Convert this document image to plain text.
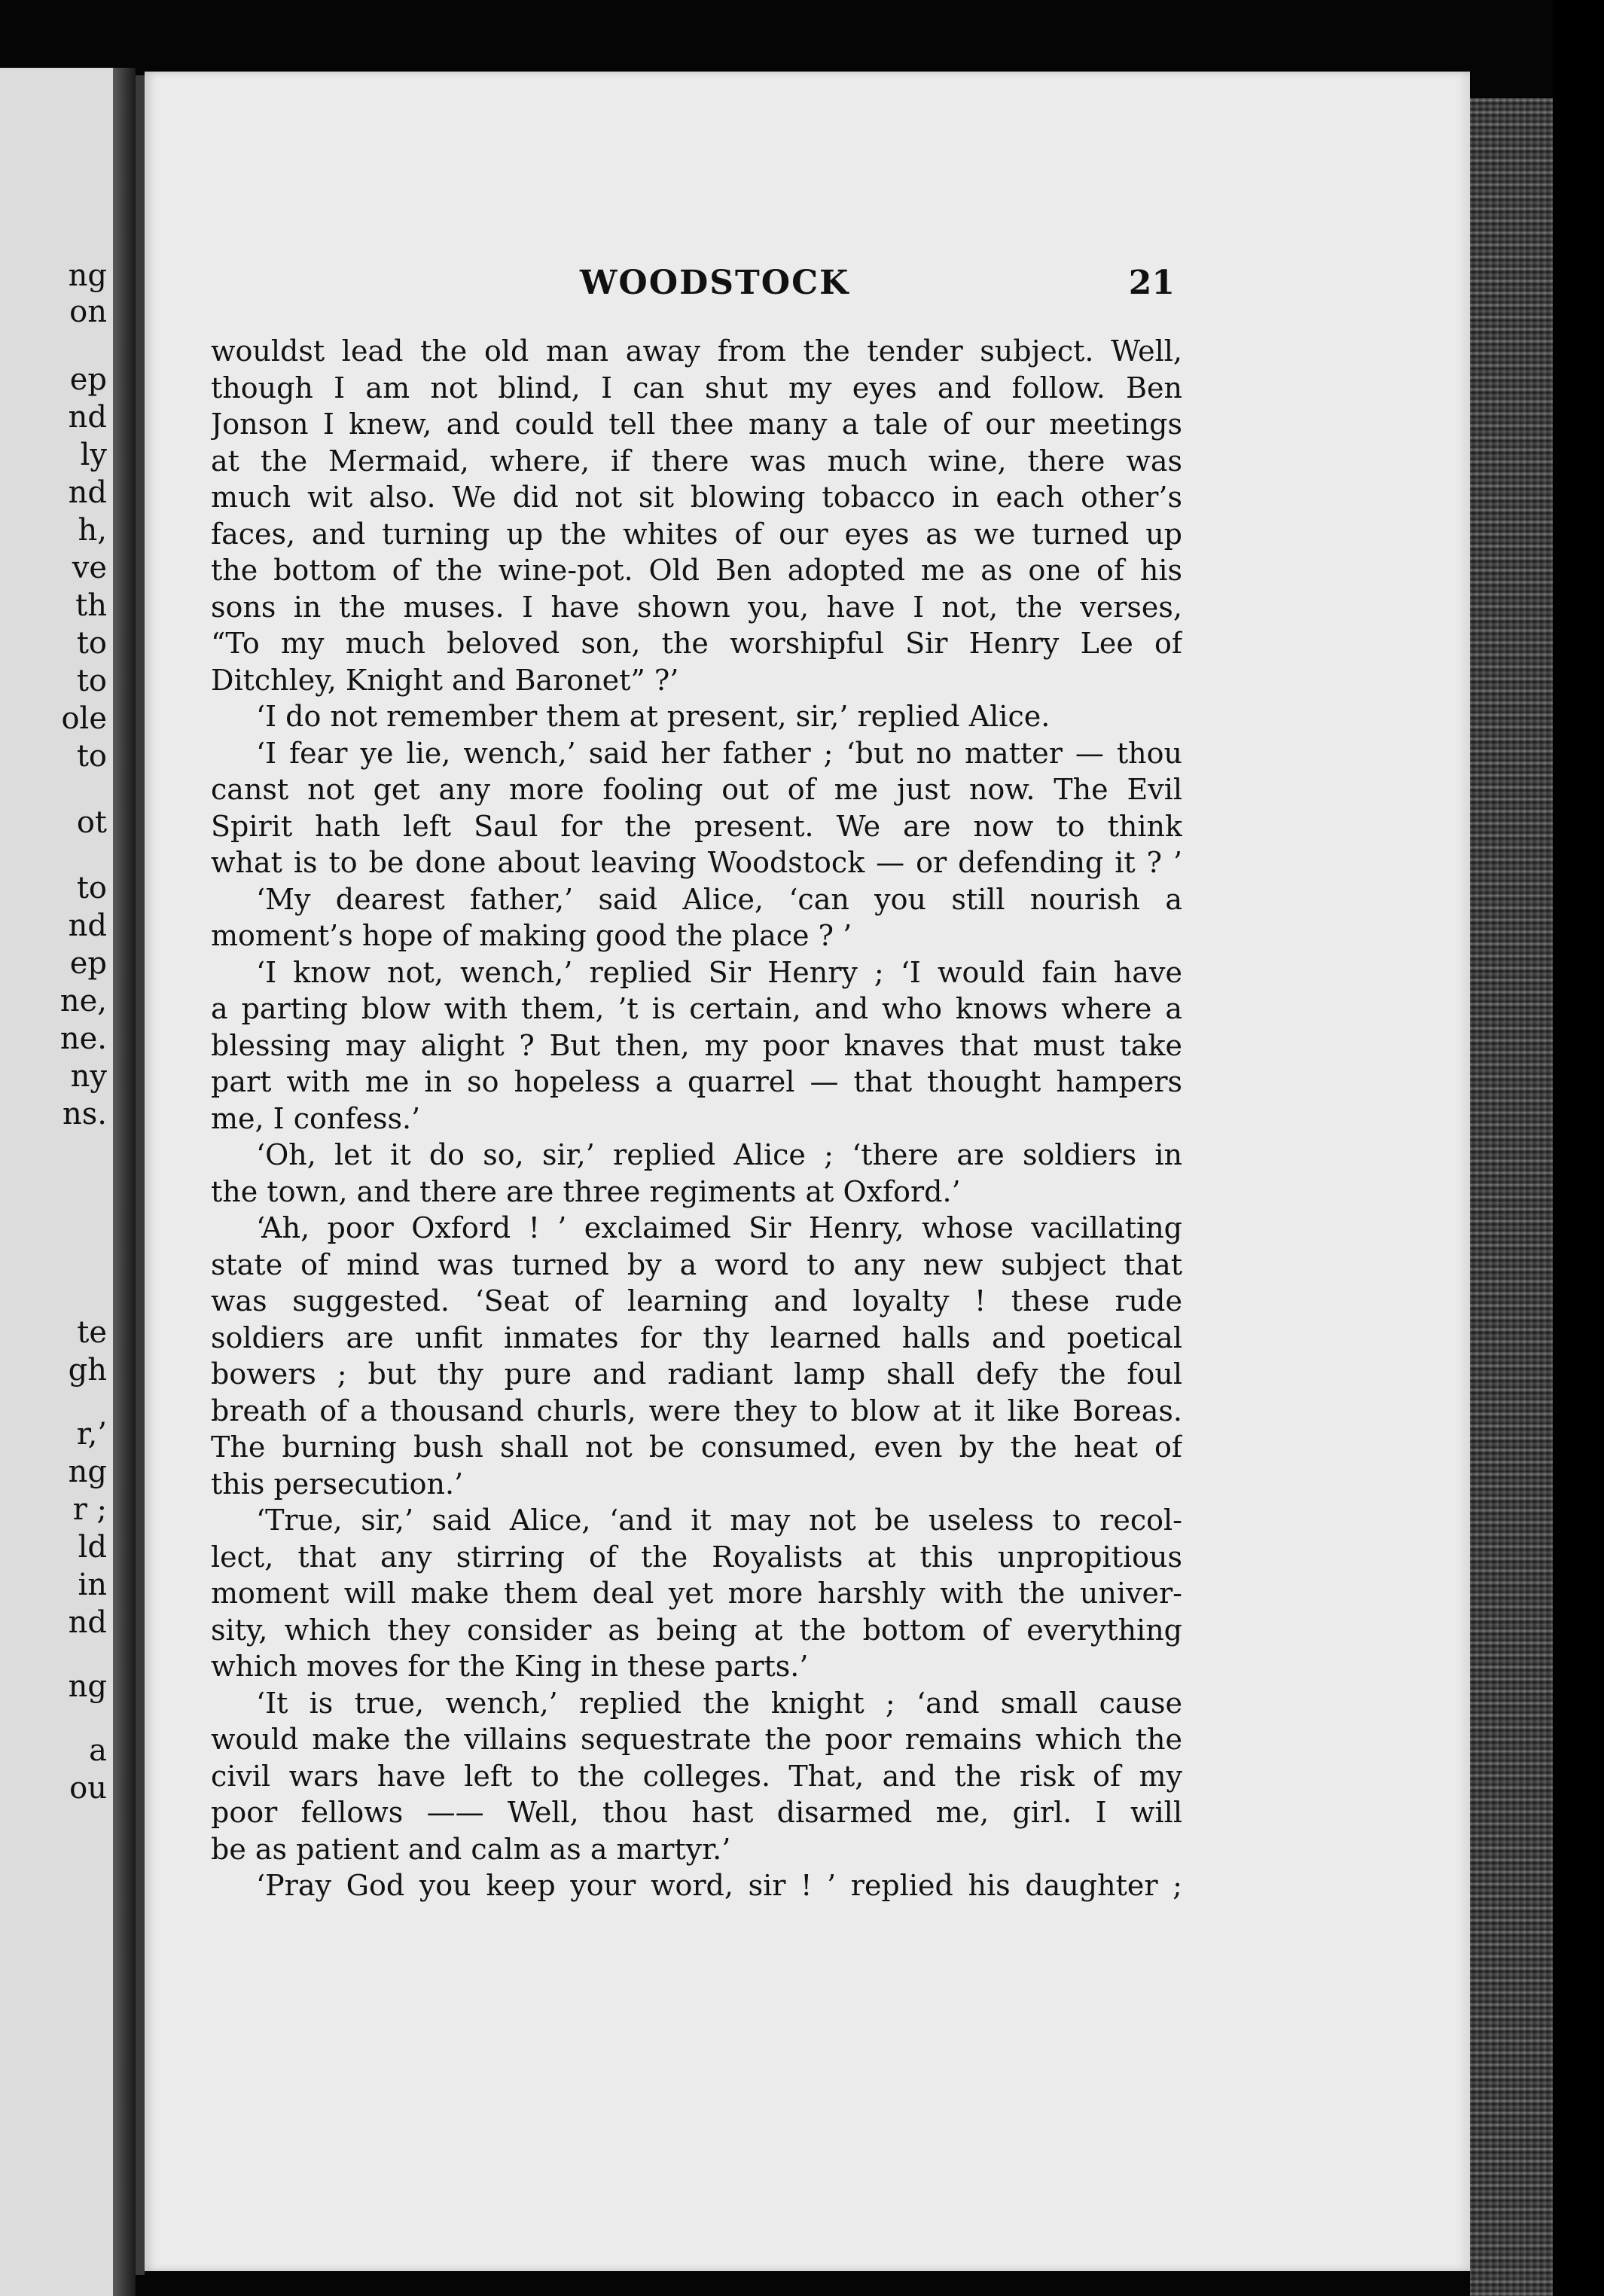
ng
on
ep
nd
ly
nd
h,
ve
th
to
to
ole
to
ot
to
nd
ep
ne,
ne.
ny
ns.
te
gh
r,’
ng
r ;
ld
in
nd
ng
a
ou
WOODSTOCK	21
wouldst lead the old man away from the tender subject. Well,
though I am not blind, I can shut my eyes and follow. Ben
Jonson I knew, and could tell thee many a tale of our meetings
at the Mermaid, where, if there was much wine, there was
much wit also. We did not sit blowing tobacco in each other’s
faces, and turning up the whites of our eyes as we turned up
the bottom of the wine-pot. Old Ben adopted me as one of his
sons in the muses. I have shown you, have I not, the verses,
“To my much beloved son, the worshipful Sir Henry Lee of
Ditchley, Knight and Baronet” ?’
‘I do not remember them at present, sir,’ replied Alice.
‘I fear ye lie, wench,’ said her father ; ‘but no matter — thou
canst not get any more fooling out of me just now. The Evil
Spirit hath left Saul for the present. We are now to think
what is to be done about leaving Woodstock — or defending it ? ’
‘My dearest father,’ said Alice, ‘can you still nourish a
moment’s hope of making good the place ? ’
‘I know not, wench,’ replied Sir Henry ; ‘I would fain have
a parting blow with them, ’t is certain, and who knows where a
blessing may alight ? But then, my poor knaves that must take
part with me in so hopeless a quarrel — that thought hampers
me, I confess.’
‘Oh, let it do so, sir,’ replied Alice ; ‘there are soldiers in
the town, and there are three regiments at Oxford.’
‘Ah, poor Oxford ! ’ exclaimed Sir Henry, whose vacillating
state of mind was turned by a word to any new subject that
was suggested. ‘Seat of learning and loyalty ! these rude
soldiers are unfit inmates for thy learned halls and poetical
bowers ; but thy pure and radiant lamp shall defy the foul
breath of a thousand churls, were they to blow at it like Boreas.
The burning bush shall not be consumed, even by the heat of
this persecution.’
‘True, sir,’ said Alice, ‘and it may not be useless to recol-
lect, that any stirring of the Royalists at this unpropitious
moment will make them deal yet more harshly with the univer-
sity, which they consider as being at the bottom of everything
which moves for the King in these parts.’
‘It is true, wench,’ replied the knight ; ‘and small cause
would make the villains sequestrate the poor remains which the
civil wars have left to the colleges. That, and the risk of my
poor fellows —— Well, thou hast disarmed me, girl. I will
be as patient and calm as a martyr.’
‘Pray God you keep your word, sir ! ’ replied his daughter ;
